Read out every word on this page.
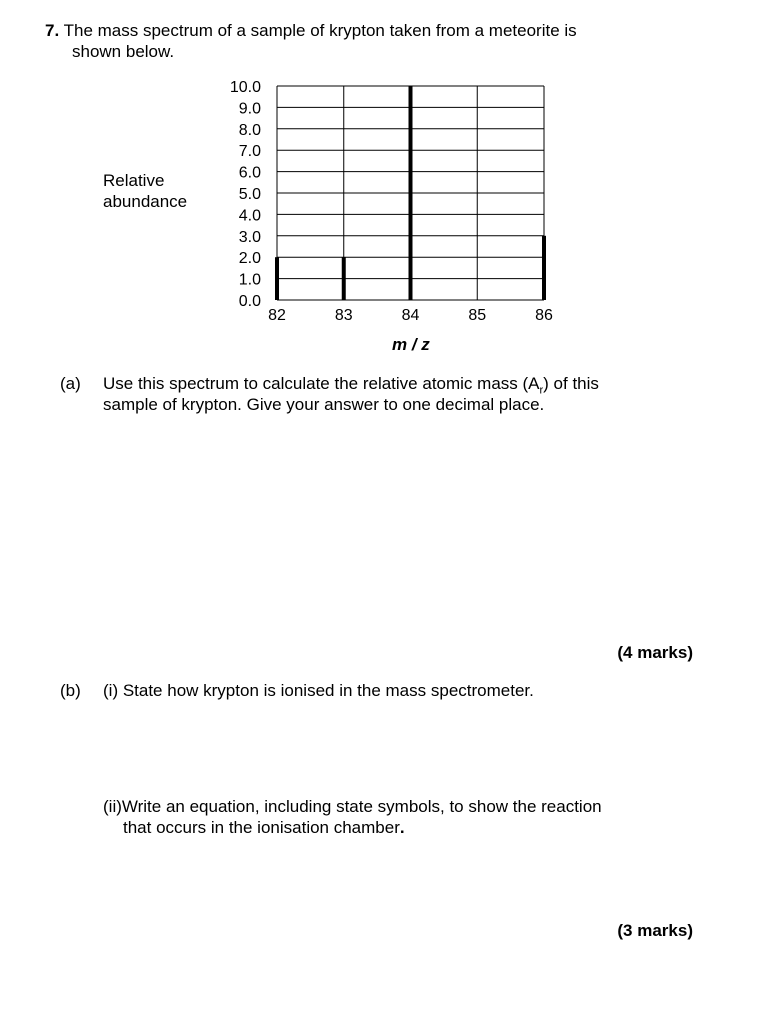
7. The mass spectrum of a sample of krypton taken from a meteorite is
shown below.
0.0
1.0
2.0
3.0
4.0
5.0
6.0
7.0
8.0
9.0
10.0
82	83	84	85	86
Relative
abundance
m / z
(a) Use this spectrum to calculate the relative atomic mass $(A_r)$ of this
sample of krypton. Give your answer to one decimal place.
(4 marks)
(b) (i) State how krypton is ionised in the mass spectrometer.
(ii)Write an equation, including state symbols, to show the reaction
that occurs in the ionisation chamber.
(3 marks)
